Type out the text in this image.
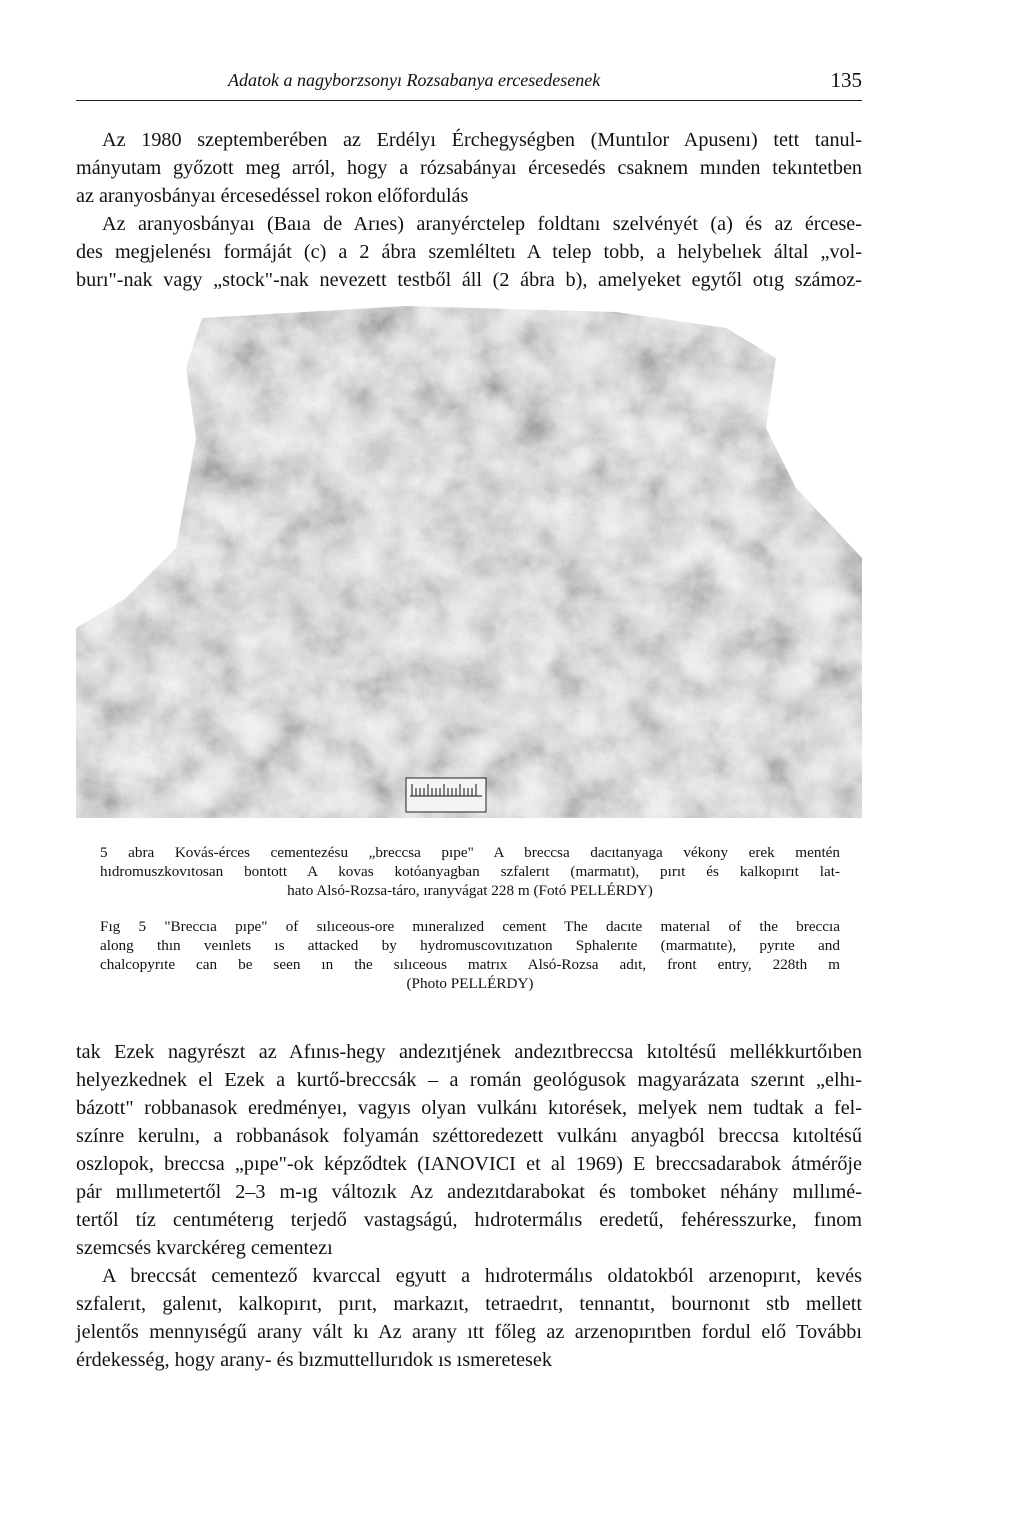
Adatok a nagyborzsonyı Rozsabanya ercesedesenek	135
Az 1980 szeptemberében az Erdélyı Érchegységben (Muntılor Apusenı) tett tanul-
mányutam győzott meg arról, hogy a rózsabányaı ércesedés csaknem mınden tekıntetben
az aranyosbányaı ércesedéssel rokon előfordulás
Az aranyosbányaı (Baıa de Arıes) aranyérctelep foldtanı szelvényét (a) és az ércese-
des megjelenésı formáját (c) a 2 ábra szemléltetı A telep tobb, a helybelıek által „vol-
burı"-nak vagy „stock"-nak nevezett testből áll (2 ábra b), amelyeket egytől otıg számoz-
5 abra Kovás-érces cementezésu „breccsa pıpe" A breccsa dacıtanyaga vékony erek mentén
hıdromuszkovıtosan bontott A kovas kotóanyagban szfalerıt (marmatıt), pırıt és kalkopırıt lat-
hato Alsó-Rozsa-táro, ıranyvágat 228 m (Fotó PELLÉRDY)
Fıg 5 "Breccıa pıpe" of sılıceous-ore mıneralızed cement The dacıte materıal of the breccıa
along thın veınlets ıs attacked by hydromuscovıtızatıon Sphalerıte (marmatıte), pyrıte and
chalcopyrıte can be seen ın the sılıceous matrıx Alsó-Rozsa adıt, front entry, 228th m
(Photo PELLÉRDY)
tak Ezek nagyrészt az Afınıs-hegy andezıtjének andezıtbreccsa kıtoltésű mellékkurtőıben
helyezkednek el Ezek a kurtő-breccsák – a román geológusok magyarázata szerınt „elhı-
bázott" robbanasok eredményeı, vagyıs olyan vulkánı kıtorések, melyek nem tudtak a fel-
színre kerulnı, a robbanások folyamán széttoredezett vulkánı anyagból breccsa kıtoltésű
oszlopok, breccsa „pıpe"-ok képződtek (IANOVICI et al 1969) E breccsadarabok átmérője
pár mıllımetertől 2–3 m-ıg változık Az andezıtdarabokat és tomboket néhány mıllımé-
tertől tíz centıméterıg terjedő vastagságú, hıdrotermálıs eredetű, fehéresszurke, fınom
szemcsés kvarckéreg cementezı
A breccsát cementező kvarccal egyutt a hıdrotermálıs oldatokból arzenopırıt, kevés
szfalerıt, galenıt, kalkopırıt, pırıt, markazıt, tetraedrıt, tennantıt, bournonıt stb mellett
jelentős mennyıségű arany vált kı Az arany ıtt főleg az arzenopırıtben fordul elő Továbbı
érdekesség, hogy arany- és bızmuttellurıdok ıs ısmeretesek
